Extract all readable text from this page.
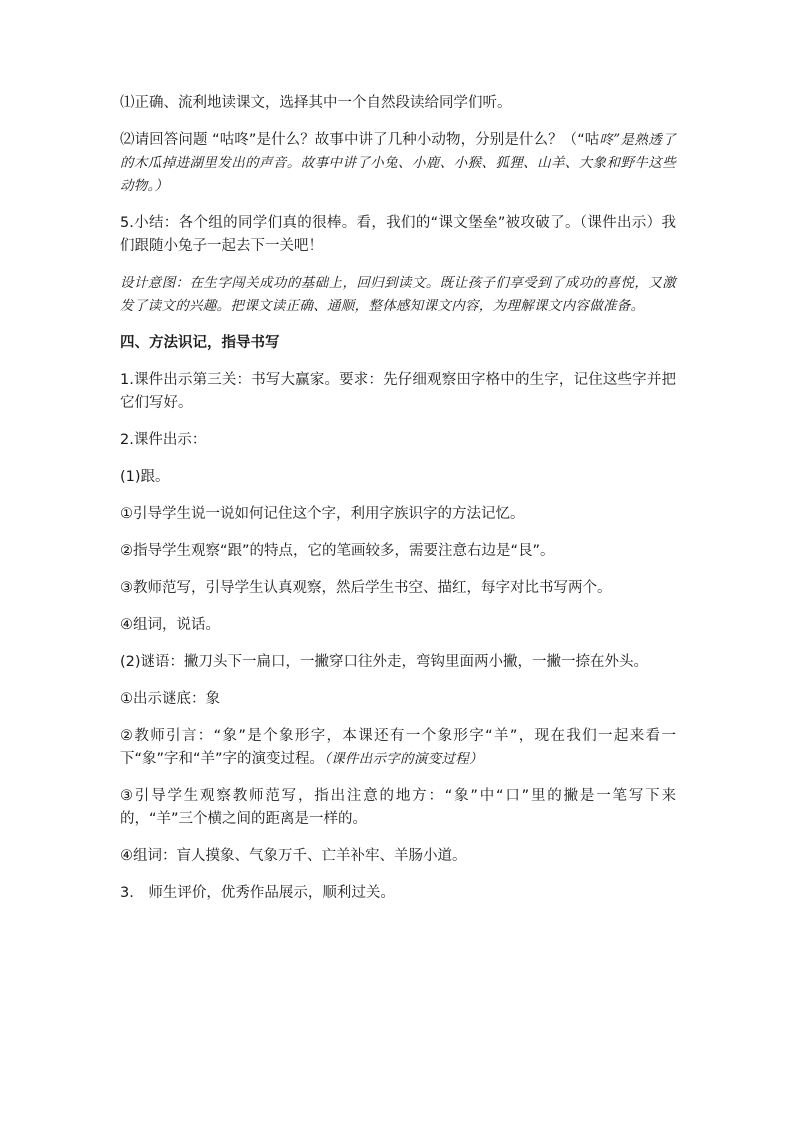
⑴正确、流利地读课文，选择其中一个自然段读给同学们听。

⑵请回答问题 “咕咚”是什么？故事中讲了几种小动物，分别是什么？（“咕咚”是熟透了的木瓜掉进湖里发出的声音。故事中讲了小兔、小鹿、小猴、狐狸、山羊、大象和野牛这些动物。）

5.小结：各个组的同学们真的很棒。看，我们的“课文堡垒”被攻破了。（课件出示）我们跟随小兔子一起去下一关吧！

设计意图：在生字闯关成功的基础上，回归到读文。既让孩子们享受到了成功的喜悦，又激发了读文的兴趣。把课文读正确、通顺，整体感知课文内容，为理解课文内容做准备。

四、方法识记，指导书写

1.课件出示第三关：书写大赢家。要求：先仔细观察田字格中的生字，记住这些字并把它们写好。

2.课件出示：

(1)跟。

①引导学生说一说如何记住这个字，利用字族识字的方法记忆。

②指导学生观察“跟”的特点，它的笔画较多，需要注意右边是“艮”。

③教师范写，引导学生认真观察，然后学生书空、描红，每字对比书写两个。

④组词，说话。

(2)谜语：撇刀头下一扁口，一撇穿口往外走，弯钩里面两小撇，一撇一捺在外头。

①出示谜底：象

②教师引言：“象”是个象形字，本课还有一个象形字“羊”，现在我们一起来看一下“象”字和“羊”字的演变过程。（课件出示字的演变过程）

③引导学生观察教师范写，指出注意的地方：“象”中“口”里的撇是一笔写下来的，“羊”三个横之间的距离是一样的。

④组词：盲人摸象、气象万千、亡羊补牢、羊肠小道。

3.　师生评价，优秀作品展示，顺利过关。
